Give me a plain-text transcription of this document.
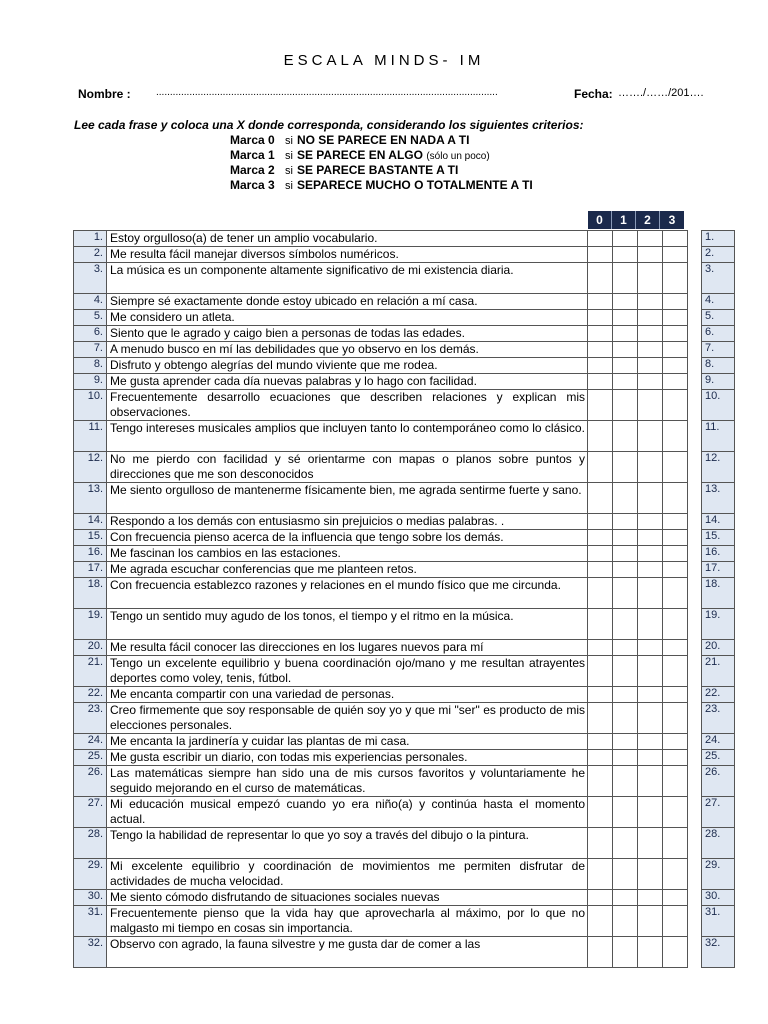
ESCALA MINDS- IM
Nombre :	...........................................................................................................................	Fecha: ……./……/201….
Lee cada frase y coloca una X donde corresponda, considerando los siguientes criterios:
Marca 0 si NO SE PARECE EN NADA A TI
Marca 1 si SE PARECE EN ALGO (sólo un poco)
Marca 2 si SE PARECE BASTANTE A TI
Marca 3 si SEPARECE MUCHO O TOTALMENTE A TI
0	1	2	3
1.	Estoy orgulloso(a) de tener un amplio vocabulario.						1.
2.	Me resulta fácil manejar diversos símbolos numéricos.						2.
3.	La música es un componente altamente significativo de mi existencia diaria.						3.
4.	Siempre sé exactamente donde estoy ubicado en relación a mí casa.						4.
5.	Me considero un atleta.						5.
6.	Siento que le agrado y caigo bien a personas de todas las edades.						6.
7.	A menudo busco en mí las debilidades que yo observo en los demás.						7.
8.	Disfruto y obtengo alegrías del mundo viviente que me rodea.						8.
9.	Me gusta aprender cada día nuevas palabras y lo hago con facilidad.						9.
10.	Frecuentemente desarrollo ecuaciones que describen relaciones y explican mis observaciones.						10.
11.	Tengo intereses musicales amplios que incluyen tanto lo contemporáneo como lo clásico.						11.
12.	No me pierdo con facilidad y sé orientarme con mapas o planos sobre puntos y direcciones que me son desconocidos						12.
13.	Me siento orgulloso de mantenerme físicamente bien, me agrada sentirme fuerte y sano.						13.
14.	Respondo a los demás con entusiasmo sin prejuicios o medias palabras. .						14.
15.	Con frecuencia pienso acerca de la influencia que tengo sobre los demás.						15.
16.	Me fascinan los cambios en las estaciones.						16.
17.	Me agrada escuchar conferencias que me planteen retos.						17.
18.	Con frecuencia establezco razones y relaciones en el mundo físico que me circunda.						18.
19.	Tengo un sentido muy agudo de los tonos, el tiempo y el ritmo en la música.						19.
20.	Me resulta fácil conocer las direcciones en los lugares nuevos para mí						20.
21.	Tengo un excelente equilibrio y buena coordinación ojo/mano y me resultan atrayentes deportes como voley, tenis, fútbol.						21.
22.	Me encanta compartir con una variedad de personas.						22.
23.	Creo firmemente que soy responsable de quién soy yo y que mi "ser" es producto de mis elecciones personales.						23.
24.	Me encanta la jardinería y cuidar las plantas de mi casa.						24.
25.	Me gusta escribir un diario, con todas mis experiencias personales.						25.
26.	Las matemáticas siempre han sido una de mis cursos favoritos y voluntariamente he seguido mejorando en el curso de matemáticas.						26.
27.	Mi educación musical empezó cuando yo era niño(a) y continúa hasta el momento actual.						27.
28.	Tengo la habilidad de representar lo que yo soy a través del dibujo o la pintura.						28.
29.	Mi excelente equilibrio y coordinación de movimientos me permiten disfrutar de actividades de mucha velocidad.						29.
30.	Me siento cómodo disfrutando de situaciones sociales nuevas						30.
31.	Frecuentemente pienso que la vida hay que aprovecharla al máximo, por lo que no malgasto mi tiempo en cosas sin importancia.						31.
32.	Observo con agrado, la fauna silvestre y me gusta dar de comer a las						32.
